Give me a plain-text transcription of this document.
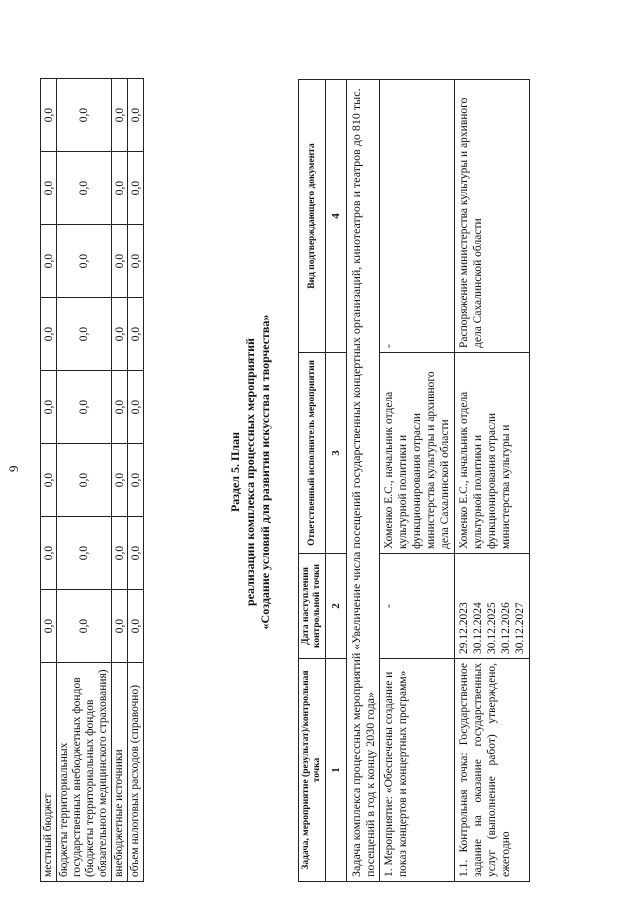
9
местный бюджет	0,0	0,0	0,0	0,0	0,0	0,0	0,0	0,0
бюджеты территориальных государственных внебюджетных фондов (бюджеты территориальных фондов обязательного медицинского страхования)	0,0	0,0	0,0	0,0	0,0	0,0	0,0	0,0
внебюджетные источники	0,0	0,0	0,0	0,0	0,0	0,0	0,0	0,0
объем налоговых расходов (справочно)	0,0	0,0	0,0	0,0	0,0	0,0	0,0	0,0
Раздел 5. План реализации комплекса процессных мероприятий «Создание условий для развития искусства и творчества»
Задача, мероприятие (результат)/контрольная точка	Дата наступления контрольной точки	Ответственный исполнитель мероприятия	Вид подтверждающего документа
1	2	3	4
Задача комплекса процессных мероприятий «Увеличение числа посещений государственных концертных организаций, кинотеатров и театров до 810 тыс. посещений в год к концу 2030 года»			
1. Мероприятие: «Обеспечены создание и показ концертов и концертных программ»	-	Хоменко Е.С., начальник отдела культурной политики и функционирования отрасли министерства культуры и архивного дела Сахалинской области	-
1.1. Контрольная точка: Государственное задание на оказание государственных услуг (выполнение работ) утверждено, ежегодно	29.12.2023 30.12.2024 30.12.2025 30.12.2026 30.12.2027	Хоменко Е.С., начальник отдела культурной политики и функционирования отрасли министерства культуры и	Распоряжение министерства культуры и архивного дела Сахалинской области
